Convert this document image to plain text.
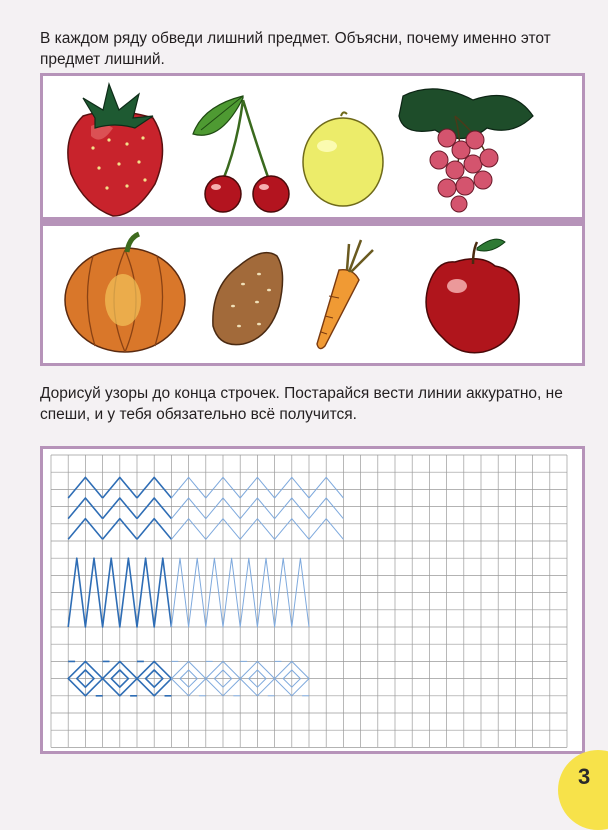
В каждом ряду обведи лишний предмет. Объясни, почему именно этот предмет лишний.

Дорисуй узоры до конца строчек. Постарайся вести линии аккуратно, не спеши, и у тебя обязательно всё получится.

3
